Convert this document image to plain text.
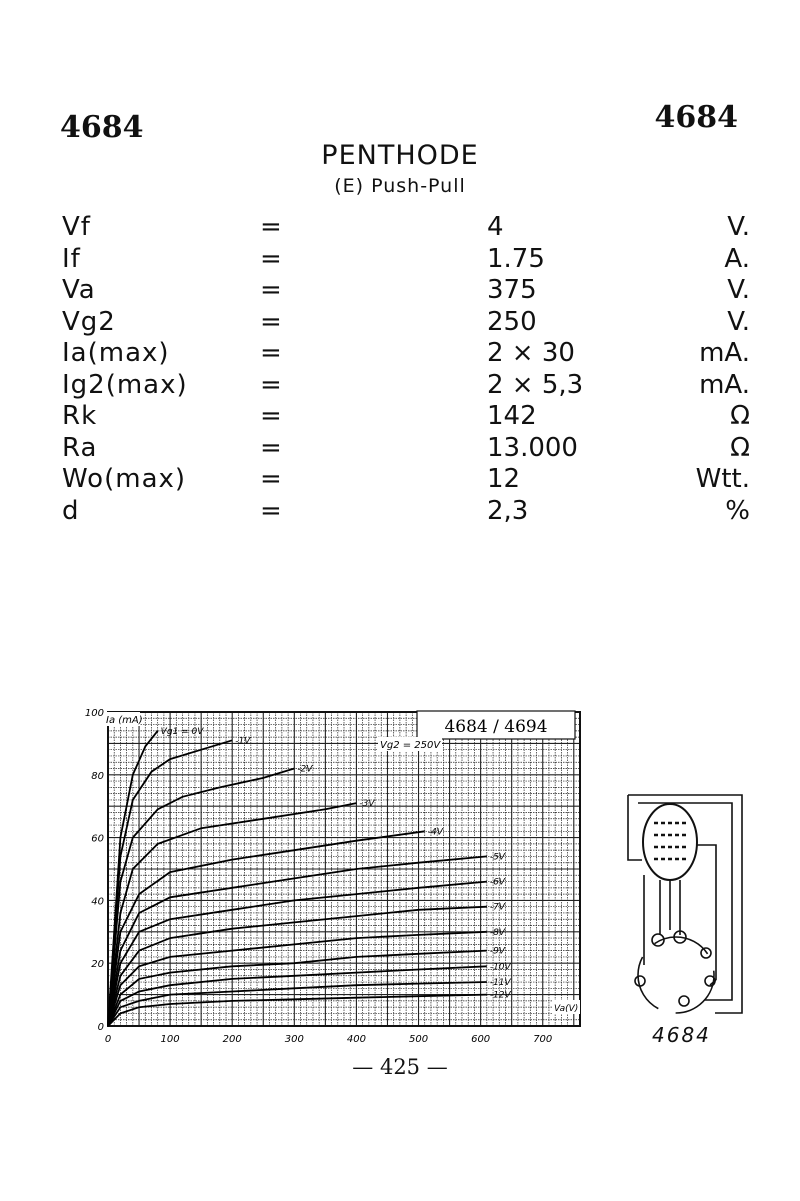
4684	4684
PENTHODE
(E) Push-Pull
Vf	=	4	V.
If	=	1.75	A.
Va	=	375	V.
Vg2	=	250	V.
Ia(max)	=	2 × 30	mA.
Ig2(max)	=	2 × 5,3	mA.
Rk	=	142	Ω
Ra	=	13.000	Ω
Wo(max)	=	12	Wtt.
d	=	2,3	%
Vg1 = 0V
-1V
-2V
-3V
-4V
-5V
-6V
-7V
-8V
-9V
-10V
-11V
-12V
0	100	200	300	400	500	600	700
0
20
40
60
80
100
4684 / 4694
Ia (mA)
Vg2 = 250V
Va(V)
4684
— 425 —
